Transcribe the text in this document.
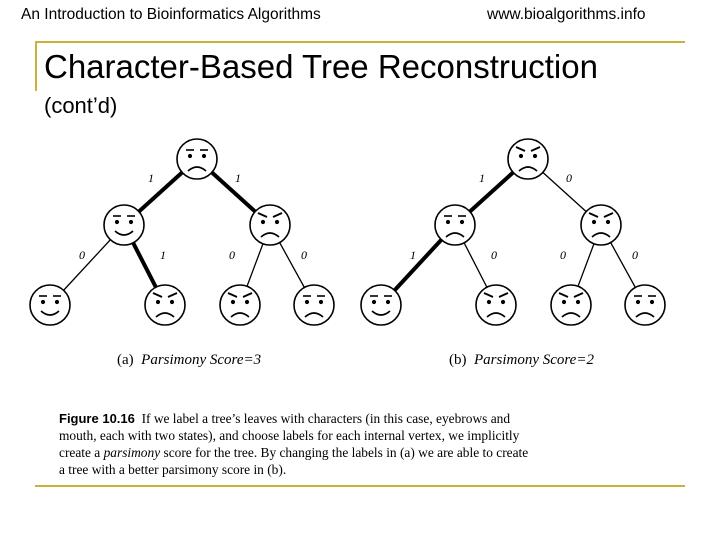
An Introduction to Bioinformatics Algorithms	www.bioalgorithms.info
Character-Based Tree Reconstruction
(cont’d)
1	1
0	1	0	0
1	0
1	0	0	0
(a) Parsimony Score=3	(b) Parsimony Score=2
Figure 10.16 If we label a tree’s leaves with characters (in this case, eyebrows and
mouth, each with two states), and choose labels for each internal vertex, we implicitly
create a parsimony score for the tree. By changing the labels in (a) we are able to create
a tree with a better parsimony score in (b).
